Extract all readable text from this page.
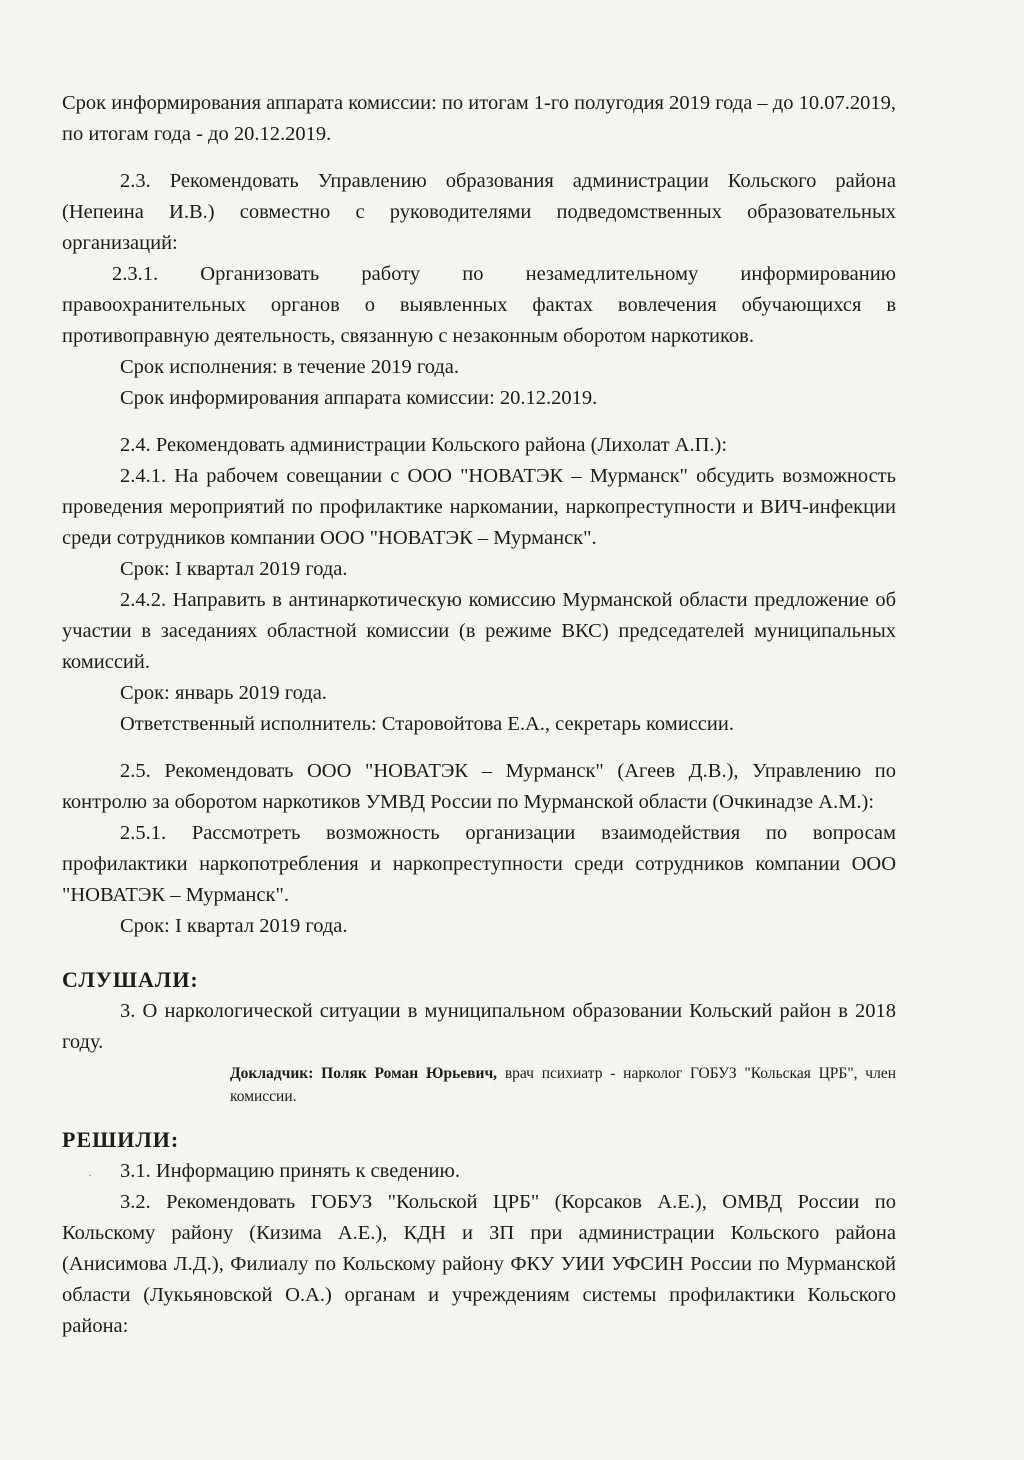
Срок информирования аппарата комиссии: по итогам 1-го полугодия 2019 года – до 10.07.2019, по итогам года - до 20.12.2019.

2.3. Рекомендовать Управлению образования администрации Кольского района (Непеина И.В.) совместно с руководителями подведомственных образовательных организаций:

2.3.1. Организовать работу по незамедлительному информированию правоохранительных органов о выявленных фактах вовлечения обучающихся в противоправную деятельность, связанную с незаконным оборотом наркотиков.

Срок исполнения: в течение 2019 года.

Срок информирования аппарата комиссии: 20.12.2019.

2.4. Рекомендовать администрации Кольского района (Лихолат А.П.):

2.4.1. На рабочем совещании с ООО "НОВАТЭК – Мурманск" обсудить возможность проведения мероприятий по профилактике наркомании, наркопреступности и ВИЧ-инфекции среди сотрудников компании ООО "НОВАТЭК – Мурманск".

Срок: I квартал 2019 года.

2.4.2. Направить в антинаркотическую комиссию Мурманской области предложение об участии в заседаниях областной комиссии (в режиме ВКС) председателей муниципальных комиссий.

Срок: январь 2019 года.

Ответственный исполнитель: Старовойтова Е.А., секретарь комиссии.

2.5. Рекомендовать ООО "НОВАТЭК – Мурманск" (Агеев Д.В.), Управлению по контролю за оборотом наркотиков УМВД России по Мурманской области (Очкинадзе А.М.):

2.5.1. Рассмотреть возможность организации взаимодействия по вопросам профилактики наркопотребления и наркопреступности среди сотрудников компании ООО "НОВАТЭК – Мурманск".

Срок: I квартал 2019 года.

СЛУШАЛИ:

3. О наркологической ситуации в муниципальном образовании Кольский район в 2018 году.

Докладчик: Поляк Роман Юрьевич, врач психиатр - нарколог ГОБУЗ "Кольская ЦРБ", член комиссии.

РЕШИЛИ:

3.1. Информацию принять к сведению.

3.2. Рекомендовать ГОБУЗ "Кольской ЦРБ" (Корсаков А.Е.), ОМВД России по Кольскому району (Кизима А.Е.), КДН и ЗП при администрации Кольского района (Анисимова Л.Д.), Филиалу по Кольскому району ФКУ УИИ УФСИН России по Мурманской области (Лукьяновской О.А.) органам и учреждениям системы профилактики Кольского района:

·
